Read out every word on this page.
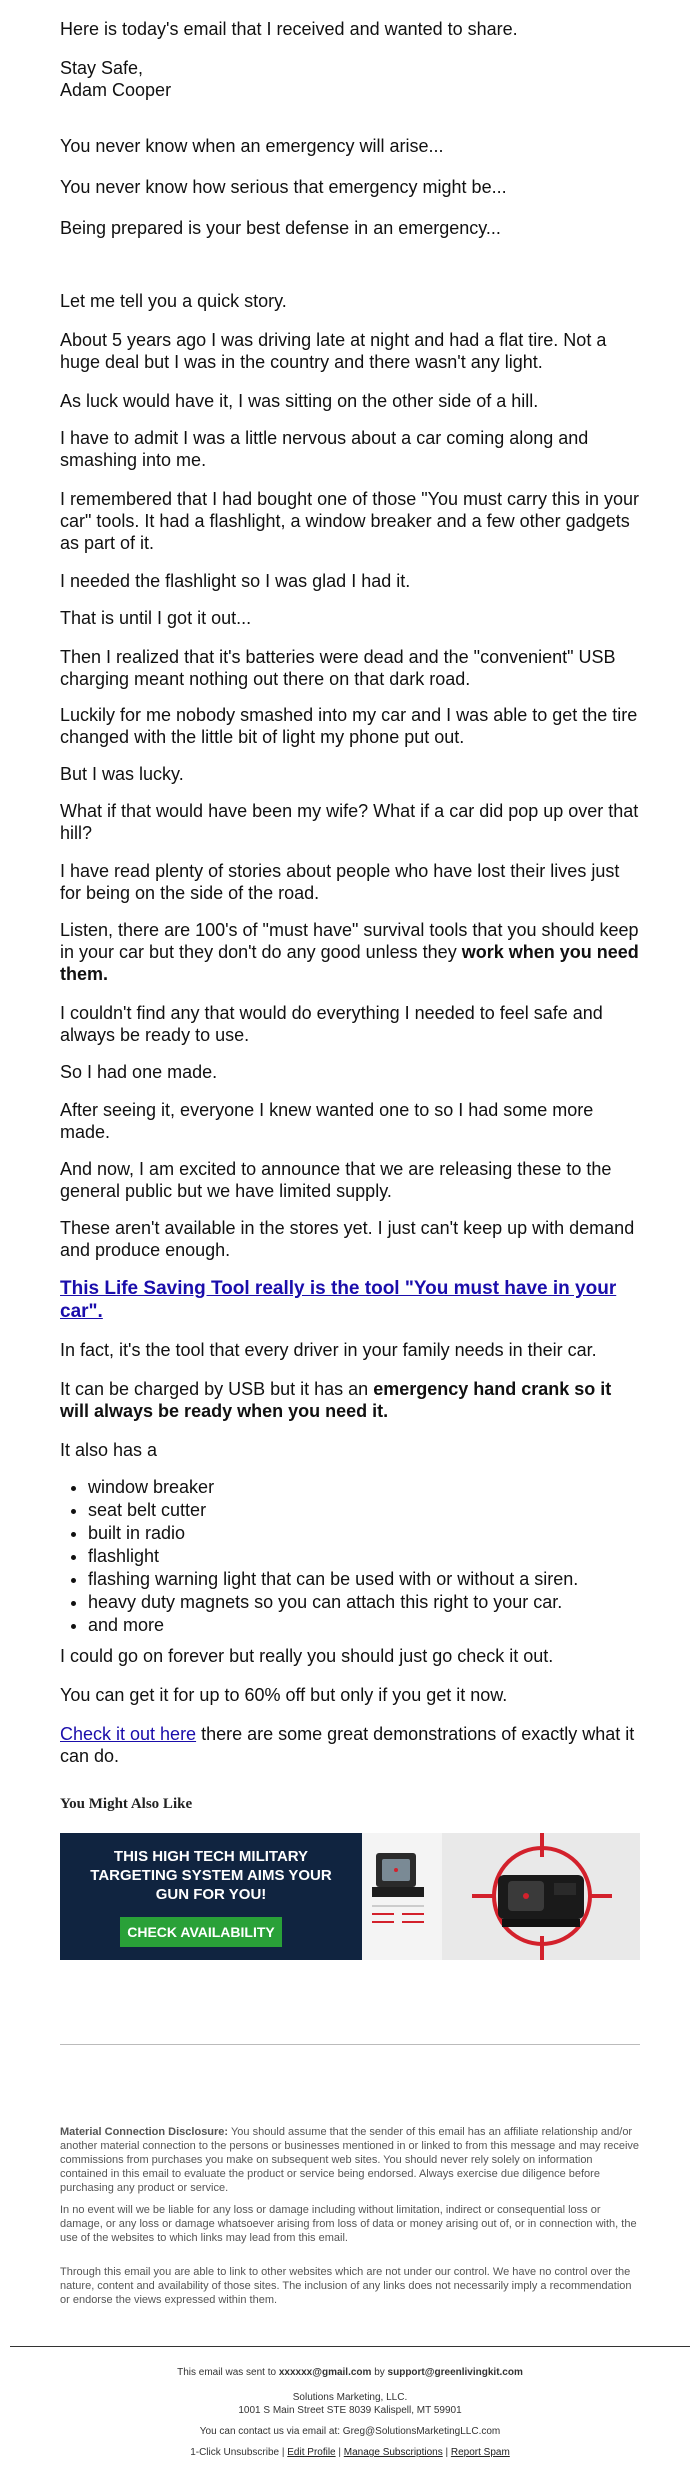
Here is today's email that I received and wanted to share.

Stay Safe,

Adam Cooper

You never know when an emergency will arise...

You never know how serious that emergency might be...

Being prepared is your best defense in an emergency...

Let me tell you a quick story.

About 5 years ago I was driving late at night and had a flat tire. Not a huge deal but I was in the country and there wasn't any light.

As luck would have it, I was sitting on the other side of a hill.

I have to admit I was a little nervous about a car coming along and smashing into me.

I remembered that I had bought one of those "You must carry this in your car" tools. It had a flashlight, a window breaker and a few other gadgets as part of it.

I needed the flashlight so I was glad I had it.

That is until I got it out...

Then I realized that it's batteries were dead and the "convenient" USB charging meant nothing out there on that dark road.

Luckily for me nobody smashed into my car and I was able to get the tire changed with the little bit of light my phone put out.

But I was lucky.

What if that would have been my wife? What if a car did pop up over that hill?

I have read plenty of stories about people who have lost their lives just for being on the side of the road.

Listen, there are 100's of "must have" survival tools that you should keep in your car but they don't do any good unless they work when you need them.

I couldn't find any that would do everything I needed to feel safe and always be ready to use.

So I had one made.

After seeing it, everyone I knew wanted one to so I had some more made.

And now, I am excited to announce that we are releasing these to the general public but we have limited supply.

These aren't available in the stores yet. I just can't keep up with demand and produce enough.

This Life Saving Tool really is the tool "You must have in your car".

In fact, it's the tool that every driver in your family needs in their car.

It can be charged by USB but it has an emergency hand crank so it will always be ready when you need it.

It also has a

• window breaker
• seat belt cutter
• built in radio
• flashlight
• flashing warning light that can be used with or without a siren.
• heavy duty magnets so you can attach this right to your car.
• and more

I could go on forever but really you should just go check it out.

You can get it for up to 60% off but only if you get it now.

Check it out here there are some great demonstrations of exactly what it can do.

You Might Also Like
THIS HIGH TECH MILITARY TARGETING SYSTEM AIMS YOUR GUN FOR YOU!
CHECK AVAILABILITY
Material Connection Disclosure: You should assume that the sender of this email has an affiliate relationship and/or another material connection to the persons or businesses mentioned in or linked to from this message and may receive commissions from purchases you make on subsequent web sites. You should never rely solely on information contained in this email to evaluate the product or service being endorsed. Always exercise due diligence before purchasing any product or service.
In no event will we be liable for any loss or damage including without limitation, indirect or consequential loss or damage, or any loss or damage whatsoever arising from loss of data or money arising out of, or in connection with, the use of the websites to which links may lead from this email.
Through this email you are able to link to other websites which are not under our control. We have no control over the nature, content and availability of those sites. The inclusion of any links does not necessarily imply a recommendation or endorse the views expressed within them.
This email was sent to xxxxxx@gmail.com by support@greenlivingkit.com
Solutions Marketing, LLC.
1001 S Main Street STE 8039 Kalispell, MT 59901
You can contact us via email at: Greg@SolutionsMarketingLLC.com
1-Click Unsubscribe | Edit Profile | Manage Subscriptions | Report Spam
